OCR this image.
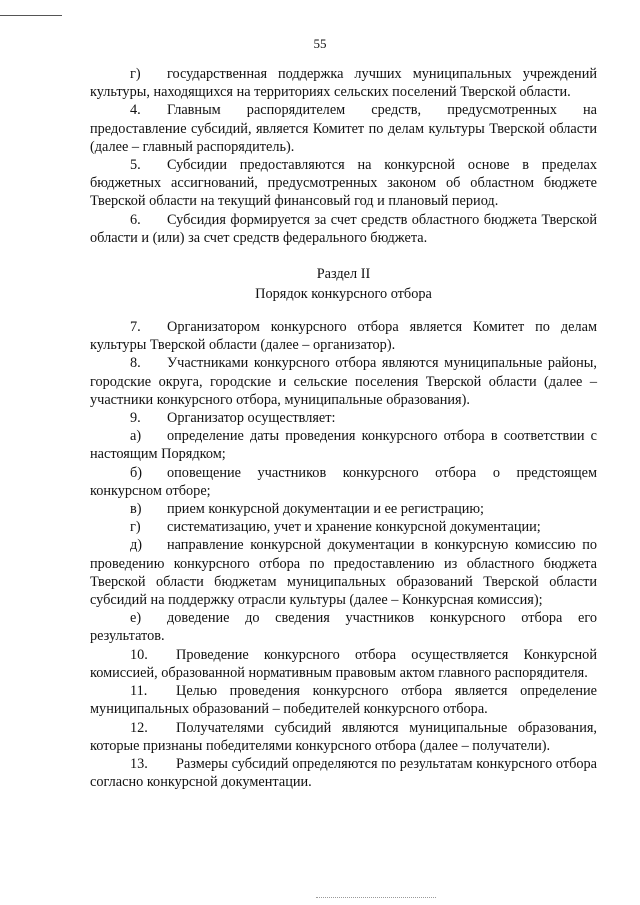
55

г) государственная поддержка лучших муниципальных учреждений культуры, находящихся на территориях сельских поселений Тверской области.

4. Главным распорядителем средств, предусмотренных на предоставление субсидий, является Комитет по делам культуры Тверской области (далее – главный распорядитель).

5. Субсидии предоставляются на конкурсной основе в пределах бюджетных ассигнований, предусмотренных законом об областном бюджете Тверской области на текущий финансовый год и плановый период.

6. Субсидия формируется за счет средств областного бюджета Тверской области и (или) за счет средств федерального бюджета.

Раздел II
Порядок конкурсного отбора

7. Организатором конкурсного отбора является Комитет по делам культуры Тверской области (далее – организатор).

8. Участниками конкурсного отбора являются муниципальные районы, городские округа, городские и сельские поселения Тверской области (далее – участники конкурсного отбора, муниципальные образования).

9. Организатор осуществляет:

а) определение даты проведения конкурсного отбора в соответствии с настоящим Порядком;

б) оповещение участников конкурсного отбора о предстоящем конкурсном отборе;

в) прием конкурсной документации и ее регистрацию;

г) систематизацию, учет и хранение конкурсной документации;

д) направление конкурсной документации в конкурсную комиссию по проведению конкурсного отбора по предоставлению из областного бюджета Тверской области бюджетам муниципальных образований Тверской области субсидий на поддержку отрасли культуры (далее – Конкурсная комиссия);

е) доведение до сведения участников конкурсного отбора его результатов.

10. Проведение конкурсного отбора осуществляется Конкурсной комиссией, образованной нормативным правовым актом главного распорядителя.

11. Целью проведения конкурсного отбора является определение муниципальных образований – победителей конкурсного отбора.

12. Получателями субсидий являются муниципальные образования, которые признаны победителями конкурсного отбора (далее – получатели).

13. Размеры субсидий определяются по результатам конкурсного отбора согласно конкурсной документации.
